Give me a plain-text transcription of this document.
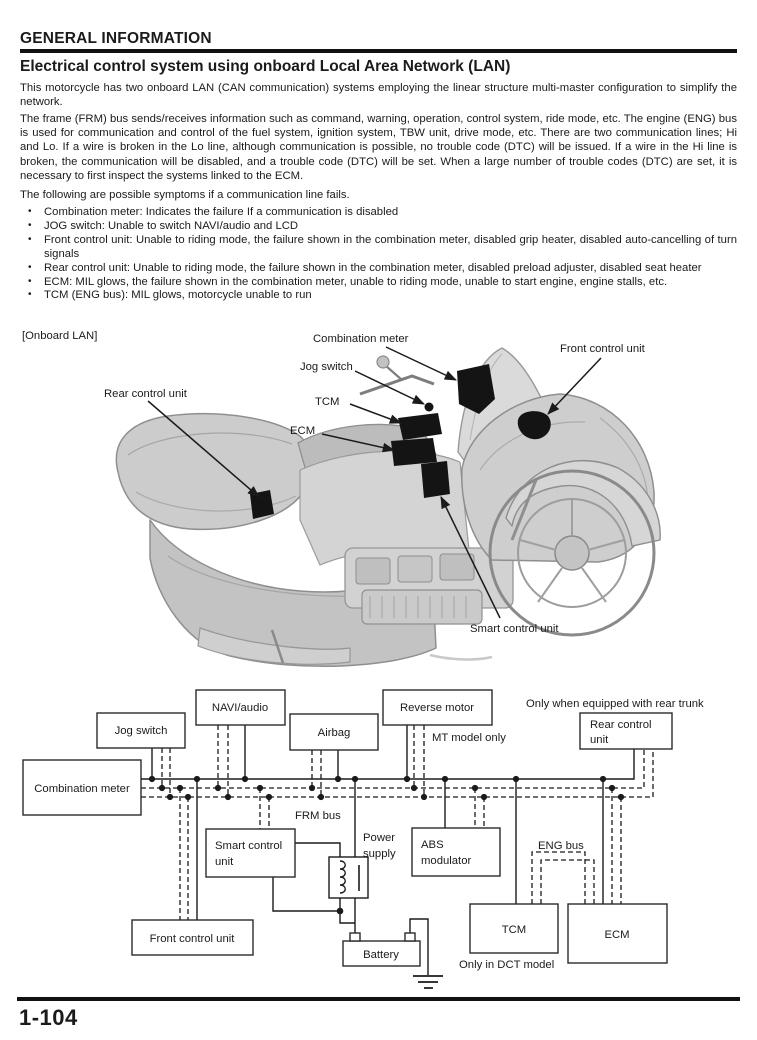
GENERAL INFORMATION
Electrical control system using onboard Local Area Network (LAN)
This motorcycle has two onboard LAN (CAN communication) systems employing the linear structure multi-master configuration to simplify the network.
The frame (FRM) bus sends/receives information such as command, warning, operation, control system, ride mode, etc. The engine (ENG) bus is used for communication and control of the fuel system, ignition system, TBW unit, drive mode, etc. There are two communication lines; Hi and Lo. If a wire is broken in the Lo line, although communication is possible, no trouble code (DTC) will be issued. If a wire in the Hi line is broken, the communication will be disabled, and a trouble code (DTC) will be set. When a large number of trouble codes (DTC) are set, it is necessary to first inspect the systems linked to the ECM.
The following are possible symptoms if a communication line fails.
•
Combination meter: Indicates the failure If a communication is disabled
•
JOG switch: Unable to switch NAVI/audio and LCD
•
Front control unit: Unable to riding mode, the failure shown in the combination meter, disabled grip heater, disabled auto-cancelling of turn signals
•
Rear control unit: Unable to riding mode, the failure shown in the combination meter, disabled preload adjuster, disabled seat heater
•
ECM: MIL glows, the failure shown in the combination meter, unable to riding mode, unable to start engine, engine stalls, etc.
•
TCM (ENG bus): MIL glows, motorcycle unable to run
[Onboard LAN]	Combination meter
Jog switch
Front control unit
Rear control unit
TCM
ECM
Smart control unit
NAVI/audio
Jog switch	Airbag
Reverse motor
Rear control
unit
Combination meter
Smart control
unit
ABS
modulator
Front control unit
Battery
TCM	ECM
Only when equipped with rear trunk
MT model only
FRM bus
Power
supply
ENG bus
Only in DCT model
1-104
